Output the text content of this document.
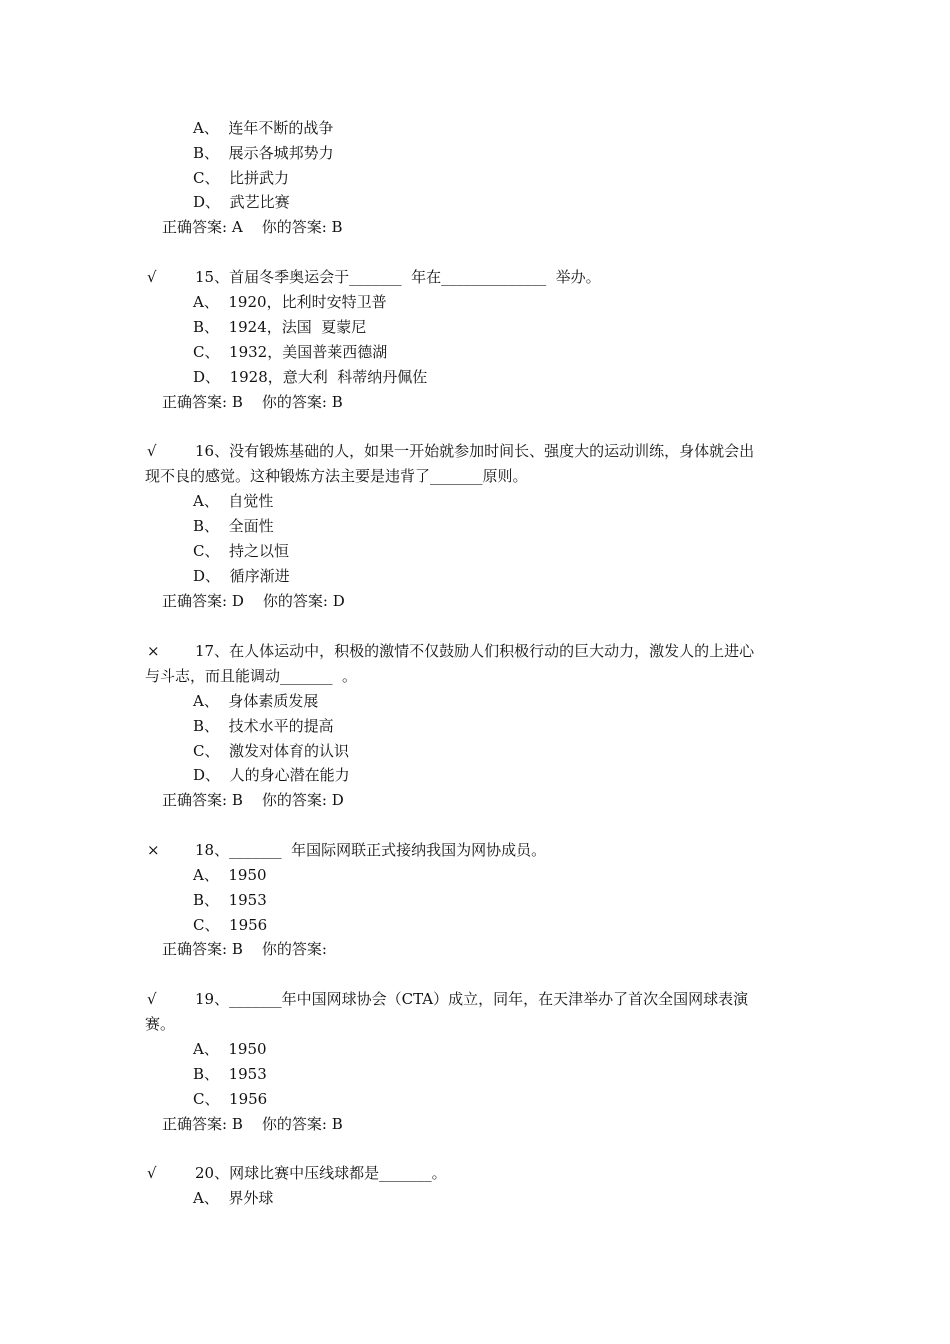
A、 连年不断的战争
B、 展示各城邦势力
C、 比拼武力
D、 武艺比赛
正确答案: A    你的答案: B
√	15、首届冬季奥运会于_______  年在______________  举办。
A、 1920，比利时安特卫普
B、 1924，法国  夏蒙尼
C、 1932，美国普莱西德湖
D、 1928，意大利  科蒂纳丹佩佐
正确答案: B    你的答案: B
√	16、没有锻炼基础的人，如果一开始就参加时间长、强度大的运动训练，身体就会出
现不良的感觉。这种锻炼方法主要是违背了_______原则。
A、 自觉性
B、 全面性
C、 持之以恒
D、 循序渐进
正确答案: D    你的答案: D
× 17、在人体运动中，积极的激情不仅鼓励人们积极行动的巨大动力，激发人的上进心
与斗志，而且能调动_______  。
A、 身体素质发展
B、 技术水平的提高
C、 激发对体育的认识
D、 人的身心潜在能力
正确答案: B    你的答案: D
× 18、_______  年国际网联正式接纳我国为网协成员。
A、 1950
B、 1953
C、 1956
正确答案: B    你的答案:
√	19、_______年中国网球协会（CTA）成立，同年，在天津举办了首次全国网球表演
赛。
A、 1950
B、 1953
C、 1956
正确答案: B    你的答案: B
√	20、网球比赛中压线球都是_______。
A、 界外球
